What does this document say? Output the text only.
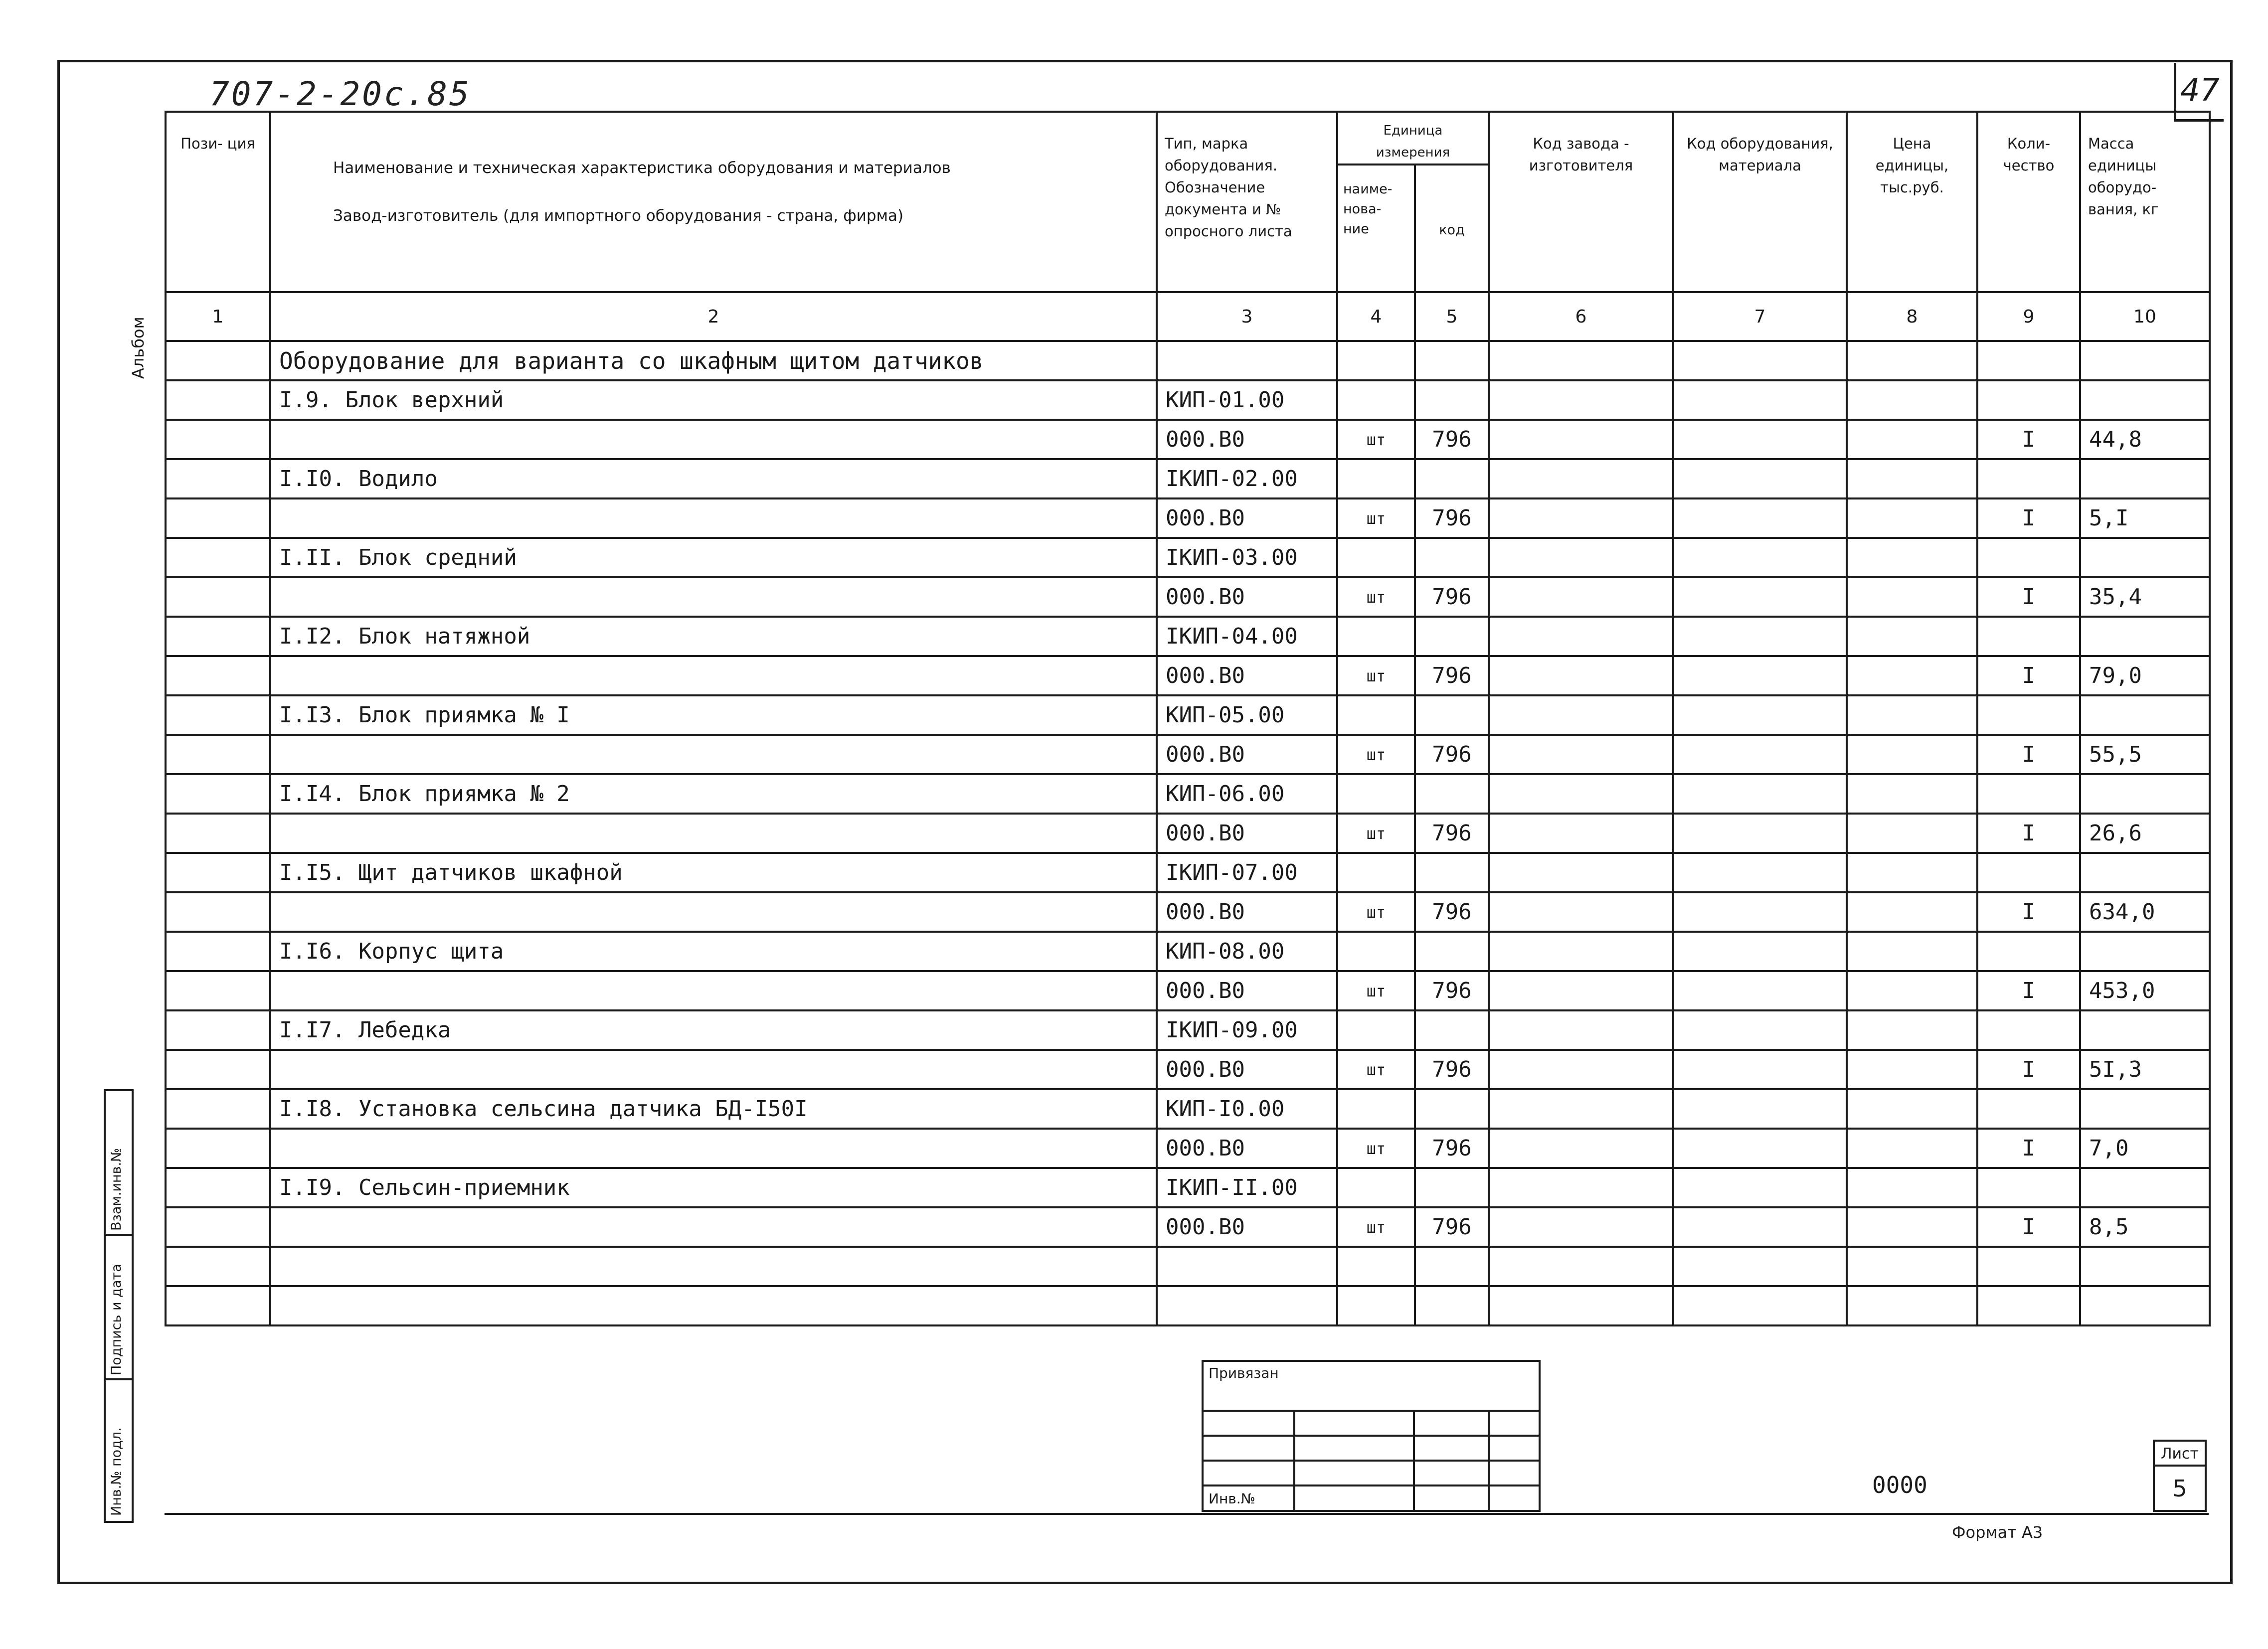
707-2-20с.85	47
Альбом
Взам.инв.№
Подпись и дата
Инв.№ подл.
Пози- ция	Наименование и техническая характеристика оборудования и материалов

Завод-изготовитель (для импортного оборудования - страна, фирма)	Тип, марка оборудования. Обозначение документа и № опросного листа	Единица измерения		Код завода - изготовителя	Код оборудования, материала	Цена единицы, тыс.руб.	Коли- чество	Масса единицы оборудо- вания, кг
			наиме- нова- ние	код					
1	2	3	4	5	6	7	8	9	10
	Оборудование для варианта со шкафным щитом датчиков								
	I.9. Блок верхний	КИП-01.00							
		000.В0	шт	796				I	44,8
	I.I0. Водило	IКИП-02.00							
		000.В0	шт	796				I	5,I
	I.II. Блок средний	IКИП-03.00							
		000.В0	шт	796				I	35,4
	I.I2. Блок натяжной	IКИП-04.00							
		000.В0	шт	796				I	79,0
	I.I3. Блок приямка № I	КИП-05.00							
		000.В0	шт	796				I	55,5
	I.I4. Блок приямка № 2	КИП-06.00							
		000.В0	шт	796				I	26,6
	I.I5. Щит датчиков шкафной	IКИП-07.00							
		000.В0	шт	796				I	634,0
	I.I6. Корпус щита	КИП-08.00							
		000.В0	шт	796				I	453,0
	I.I7. Лебедка	IКИП-09.00							
		000.В0	шт	796				I	5I,3
	I.I8. Установка сельсина датчика БД-I50I	КИП-I0.00							
		000.В0	шт	796				I	7,0
	I.I9. Сельсин-приемник	IКИП-II.00							
		000.В0	шт	796				I	8,5

Привязан
Инв.№
0000
Лист
5
Формат А3
